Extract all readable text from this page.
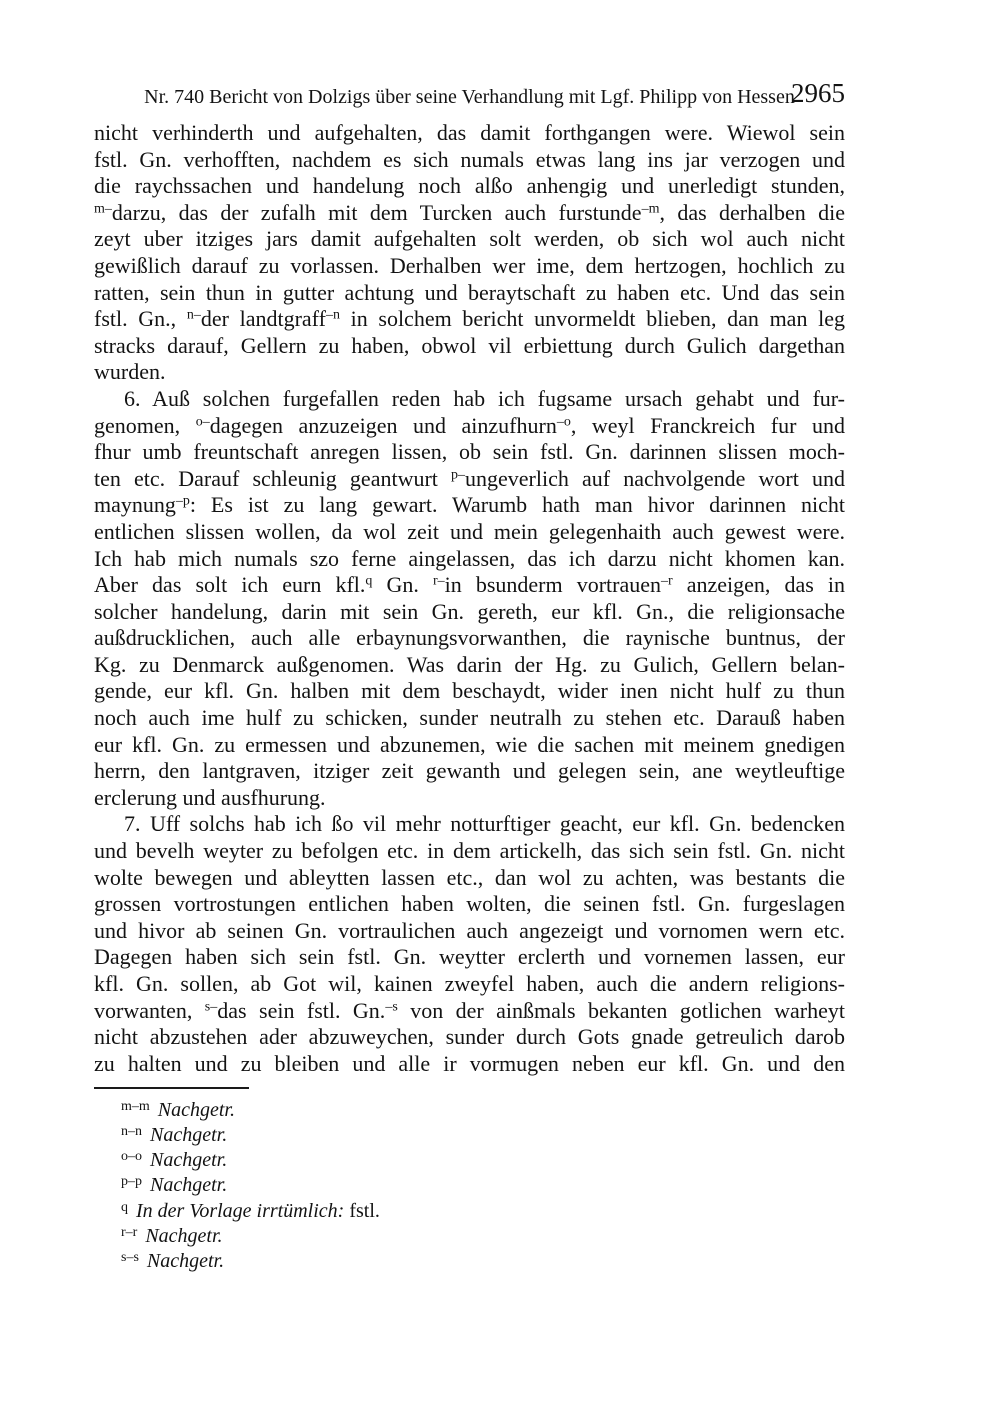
Nr. 740 Bericht von Dolzigs über seine Verhandlung mit Lgf. Philipp von Hessen
2965
nicht verhinderth und aufgehalten, das damit forthgangen were. Wiewol sein
fstl. Gn. verhofften, nachdem es sich numals etwas lang ins jar verzogen und
die raychssachen und handelung noch alßo anhengig und unerledigt stunden,
$^{m-}$darzu, das der zufalh mit dem Turcken auch furstunde$^{-m}$, das derhalben die
zeyt uber itziges jars damit aufgehalten solt werden, ob sich wol auch nicht
gewißlich darauf zu vorlassen. Derhalben wer ime, dem hertzogen, hochlich zu
ratten, sein thun in gutter achtung und beraytschaft zu haben etc. Und das sein
fstl. Gn., $^{n-}$der landtgraff$^{-n}$ in solchem bericht unvormeldt blieben, dan man leg
stracks darauf, Gellern zu haben, obwol vil erbiettung durch Gulich dargethan
wurden.
6. Auß solchen furgefallen reden hab ich fugsame ursach gehabt und fur-
genomen, $^{o-}$dagegen anzuzeigen und ainzufhurn$^{-o}$, weyl Franckreich fur und
fhur umb freuntschaft anregen lissen, ob sein fstl. Gn. darinnen slissen moch-
ten etc. Darauf schleunig geantwurt $^{p-}$ungeverlich auf nachvolgende wort und
maynung$^{-p}$: Es ist zu lang gewart. Warumb hath man hivor darinnen nicht
entlichen slissen wollen, da wol zeit und mein gelegenhaith auch gewest were.
Ich hab mich numals szo ferne aingelassen, das ich darzu nicht khomen kan.
Aber das solt ich eurn kfl.$^q$ Gn. $^{r-}$in bsunderm vortrauen$^{-r}$ anzeigen, das in
solcher handelung, darin mit sein Gn. gereth, eur kfl. Gn., die religionsache
außdrucklichen, auch alle erbaynungsvorwanthen, die raynische buntnus, der
Kg. zu Denmarck außgenomen. Was darin der Hg. zu Gulich, Gellern belan-
gende, eur kfl. Gn. halben mit dem beschaydt, wider inen nicht hulf zu thun
noch auch ime hulf zu schicken, sunder neutralh zu stehen etc. Darauß haben
eur kfl. Gn. zu ermessen und abzunemen, wie die sachen mit meinem gnedigen
herrn, den lantgraven, itziger zeit gewanth und gelegen sein, ane weytleuftige
erclerung und ausfhurung.
7. Uff solchs hab ich ßo vil mehr notturftiger geacht, eur kfl. Gn. bedencken
und bevelh weyter zu befolgen etc. in dem artickelh, das sich sein fstl. Gn. nicht
wolte bewegen und ableytten lassen etc., dan wol zu achten, was bestants die
grossen vortrostungen entlichen haben wolten, die seinen fstl. Gn. furgeslagen
und hivor ab seinen Gn. vortraulichen auch angezeigt und vornomen wern etc.
Dagegen haben sich sein fstl. Gn. weytter erclerth und vornemen lassen, eur
kfl. Gn. sollen, ab Got wil, kainen zweyfel haben, auch die andern religions-
vorwanten, $^{s-}$das sein fstl. Gn.$^{-s}$ von der ainßmals bekanten gotlichen warheyt
nicht abzustehen ader abzuweychen, sunder durch Gots gnade getreulich darob
zu halten und zu bleiben und alle ir vormugen neben eur kfl. Gn. und den
$^{m-m}$ Nachgetr.
$^{n-n}$ Nachgetr.
$^{o-o}$ Nachgetr.
$^{p-p}$ Nachgetr.
$^q$ In der Vorlage irrtümlich: fstl.
$^{r-r}$ Nachgetr.
$^{s-s}$ Nachgetr.
